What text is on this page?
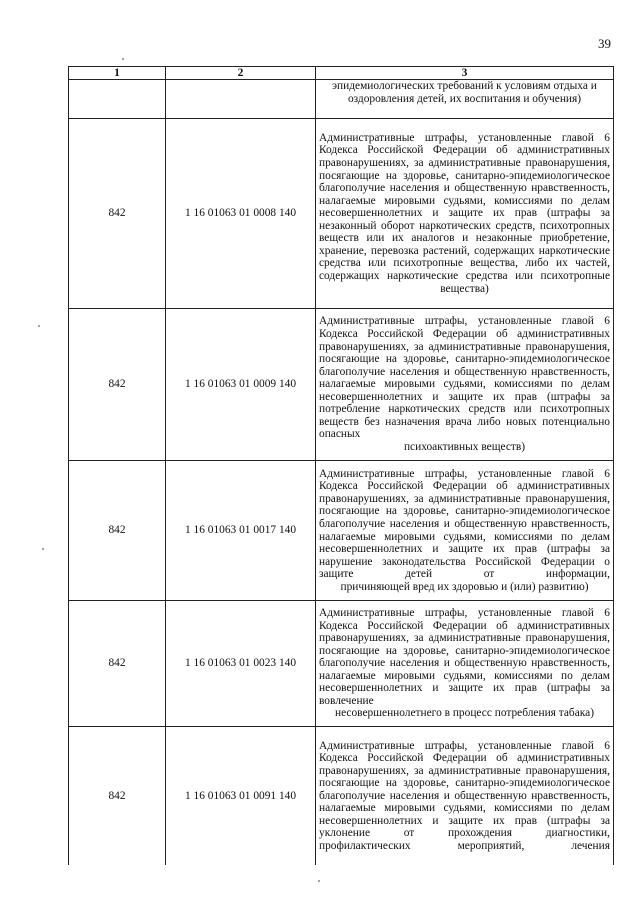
39
1	2	3
		эпидемиологических требований к условиям отдыха и оздоровления детей, их воспитания и обучения)
842	1 16 01063 01 0008 140	Административные штрафы, установленные главой 6 Кодекса Российской Федерации об административных правонарушениях, за административные правонарушения, посягающие на здоровье, санитарно-эпидемиологическое благополучие населения и общественную нравственность, налагаемые мировыми судьями, комиссиями по делам несовершеннолетних и защите их прав (штрафы за незаконный оборот наркотических средств, психотропных веществ или их аналогов и незаконные приобретение, хранение, перевозка растений, содержащих наркотические средства или психотропные вещества, либо их частей, содержащих наркотические средства или психотропные
вещества)

842	1 16 01063 01 0009 140	Административные штрафы, установленные главой 6 Кодекса Российской Федерации об административных правонарушениях, за административные правонарушения, посягающие на здоровье, санитарно-эпидемиологическое благополучие населения и общественную нравственность, налагаемые мировыми судьями, комиссиями по делам несовершеннолетних и защите их прав (штрафы за потребление наркотических средств или психотропных веществ без назначения врача либо новых потенциально опасных
психоактивных веществ)

842	1 16 01063 01 0017 140	Административные штрафы, установленные главой 6 Кодекса Российской Федерации об административных правонарушениях, за административные правонарушения, посягающие на здоровье, санитарно-эпидемиологическое благополучие населения и общественную нравственность, налагаемые мировыми судьями, комиссиями по делам несовершеннолетних и защите их прав (штрафы за нарушение законодательства Российской Федерации о защите детей от информации,
причиняющей вред их здоровью и (или) развитию)

842	1 16 01063 01 0023 140	Административные штрафы, установленные главой 6 Кодекса Российской Федерации об административных правонарушениях, за административные правонарушения, посягающие на здоровье, санитарно-эпидемиологическое благополучие населения и общественную нравственность, налагаемые мировыми судьями, комиссиями по делам несовершеннолетних и защите их прав (штрафы за вовлечение
несовершеннолетнего в процесс потребления табака)

842	1 16 01063 01 0091 140	Административные штрафы, установленные главой 6 Кодекса Российской Федерации об административных правонарушениях, за административные правонарушения, посягающие на здоровье, санитарно-эпидемиологическое благополучие населения и общественную нравственность, налагаемые мировыми судьями, комиссиями по делам несовершеннолетних и защите их прав (штрафы за уклонение от прохождения диагностики, профилактических мероприятий, лечения
